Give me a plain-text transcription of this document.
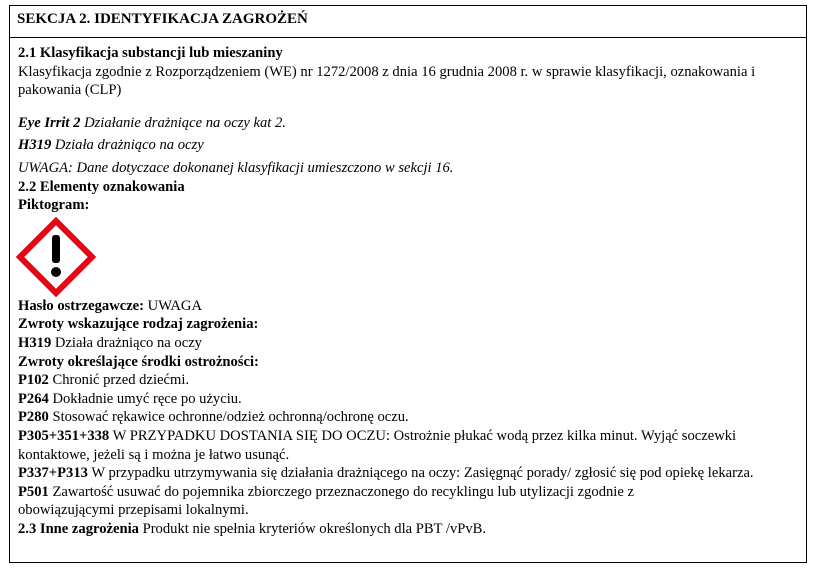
SEKCJA 2. IDENTYFIKACJA ZAGROŻEŃ

2.1 Klasyfikacja substancji lub mieszaniny

Klasyfikacja zgodnie z Rozporządzeniem (WE) nr 1272/2008 z dnia 16 grudnia 2008 r. w sprawie klasyfikacji, oznakowania i pakowania (CLP)

Eye Irrit 2 Działanie drażniące na oczy kat 2.

H319 Działa drażniąco na oczy

UWAGA: Dane dotyczace dokonanej klasyfikacji umieszczono w sekcji 16.

2.2 Elementy oznakowania

Piktogram:

Hasło ostrzegawcze: UWAGA

Zwroty wskazujące rodzaj zagrożenia:

H319 Działa drażniąco na oczy

Zwroty określające środki ostrożności:

P102 Chronić przed dziećmi.

P264 Dokładnie umyć ręce po użyciu.

P280 Stosować rękawice ochronne/odzież ochronną/ochronę oczu.

P305+351+338 W PRZYPADKU DOSTANIA SIĘ DO OCZU: Ostrożnie płukać wodą przez kilka minut. Wyjąć soczewki kontaktowe, jeżeli są i można je łatwo usunąć.

P337+P313 W przypadku utrzymywania się działania drażniącego na oczy: Zasięgnąć porady/ zgłosić się pod opiekę lekarza.

P501 Zawartość usuwać do pojemnika zbiorczego przeznaczonego do recyklingu lub utylizacji zgodnie z obowiązującymi przepisami lokalnymi.

2.3 Inne zagrożenia Produkt nie spełnia kryteriów określonych dla PBT /vPvB.
